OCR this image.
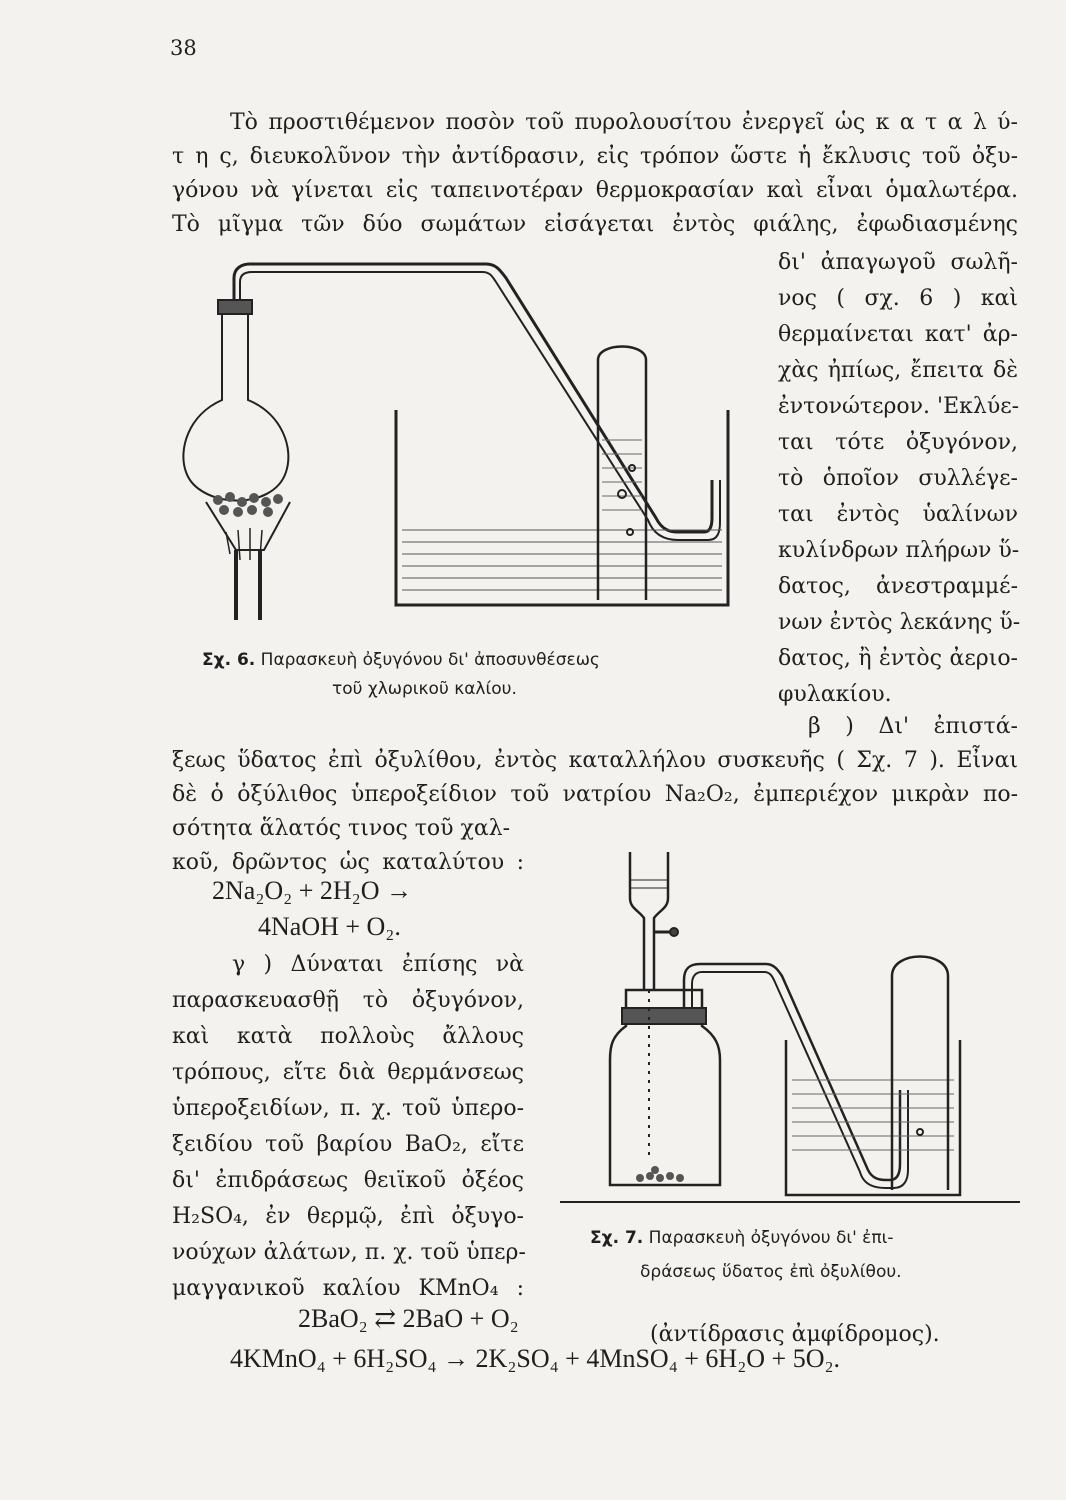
38
Τὸ προστιθέμενον ποσὸν τοῦ πυρολουσίτου ἐνεργεῖ ὡς κ α τ α λ ύ-
τ η ς, διευκολῦνον τὴν ἀντίδρασιν, εἰς τρόπον ὥστε ἡ ἔκλυσις τοῦ ὀξυ-
γόνου νὰ γίνεται εἰς ταπεινοτέραν θερμοκρασίαν καὶ εἶναι ὁμαλωτέρα.
Τὸ μῖγμα τῶν δύο σωμάτων εἰσάγεται ἐντὸς φιάλης, ἐφωδιασμένης
δι' ἀπαγωγοῦ σωλῆ-
νος ( σχ. 6 ) καὶ
θερμαίνεται κατ' ἀρ-
χὰς ἠπίως, ἔπειτα δὲ
ἐντονώτερον. 'Εκλύε-
ται τότε ὀξυγόνον,
τὸ ὁποῖον συλλέγε-
ται ἐντὸς ὑαλίνων
κυλίνδρων πλήρων ὕ-
δατος, ἀνεστραμμέ-
νων ἐντὸς λεκάνης ὕ-
δατος, ἢ ἐντὸς ἀεριο-
φυλακίου.
Σχ. 6. Παρασκευὴ ὀξυγόνου δι' ἀποσυνθέσεως
τοῦ χλωρικοῦ καλίου.
β ) Δι' ἐπιστά-
ξεως ὕδατος ἐπὶ ὀξυλίθου, ἐντὸς καταλλήλου συσκευῆς ( Σχ. 7 ). Εἶναι
δὲ ὁ ὀξύλιθος ὑπεροξείδιον τοῦ νατρίου Na₂O₂, ἐμπεριέχον μικρὰν πο-
σότητα ἅλατός τινος τοῦ χαλ-
κοῦ, δρῶντος ὡς καταλύτου :
2Na₂O₂ + 2H₂O →
4NaOH + O₂.
γ ) Δύναται ἐπίσης νὰ
παρασκευασθῇ τὸ ὀξυγόνον,
καὶ κατὰ πολλοὺς ἄλλους
τρόπους, εἴτε διὰ θερμάνσεως
ὑπεροξειδίων, π. χ. τοῦ ὑπερο-
ξειδίου τοῦ βαρίου BaO₂, εἴτε
δι' ἐπιδράσεως θειϊκοῦ ὀξέος
H₂SO₄, ἐν θερμῷ, ἐπὶ ὀξυγο-
νούχων ἀλάτων, π. χ. τοῦ ὑπερ-
μαγγανικοῦ καλίου KMnO₄ :
Σχ. 7. Παρασκευὴ ὀξυγόνου δι' ἐπι-
δράσεως ὕδατος ἐπὶ ὀξυλίθου.
2BaO₂ ⇄ 2BaO + O₂
(ἀντίδρασις ἀμφίδρομος).
4KMnO₄ + 6H₂SO₄ → 2K₂SO₄ + 4MnSO₄ + 6H₂O + 5O₂.
